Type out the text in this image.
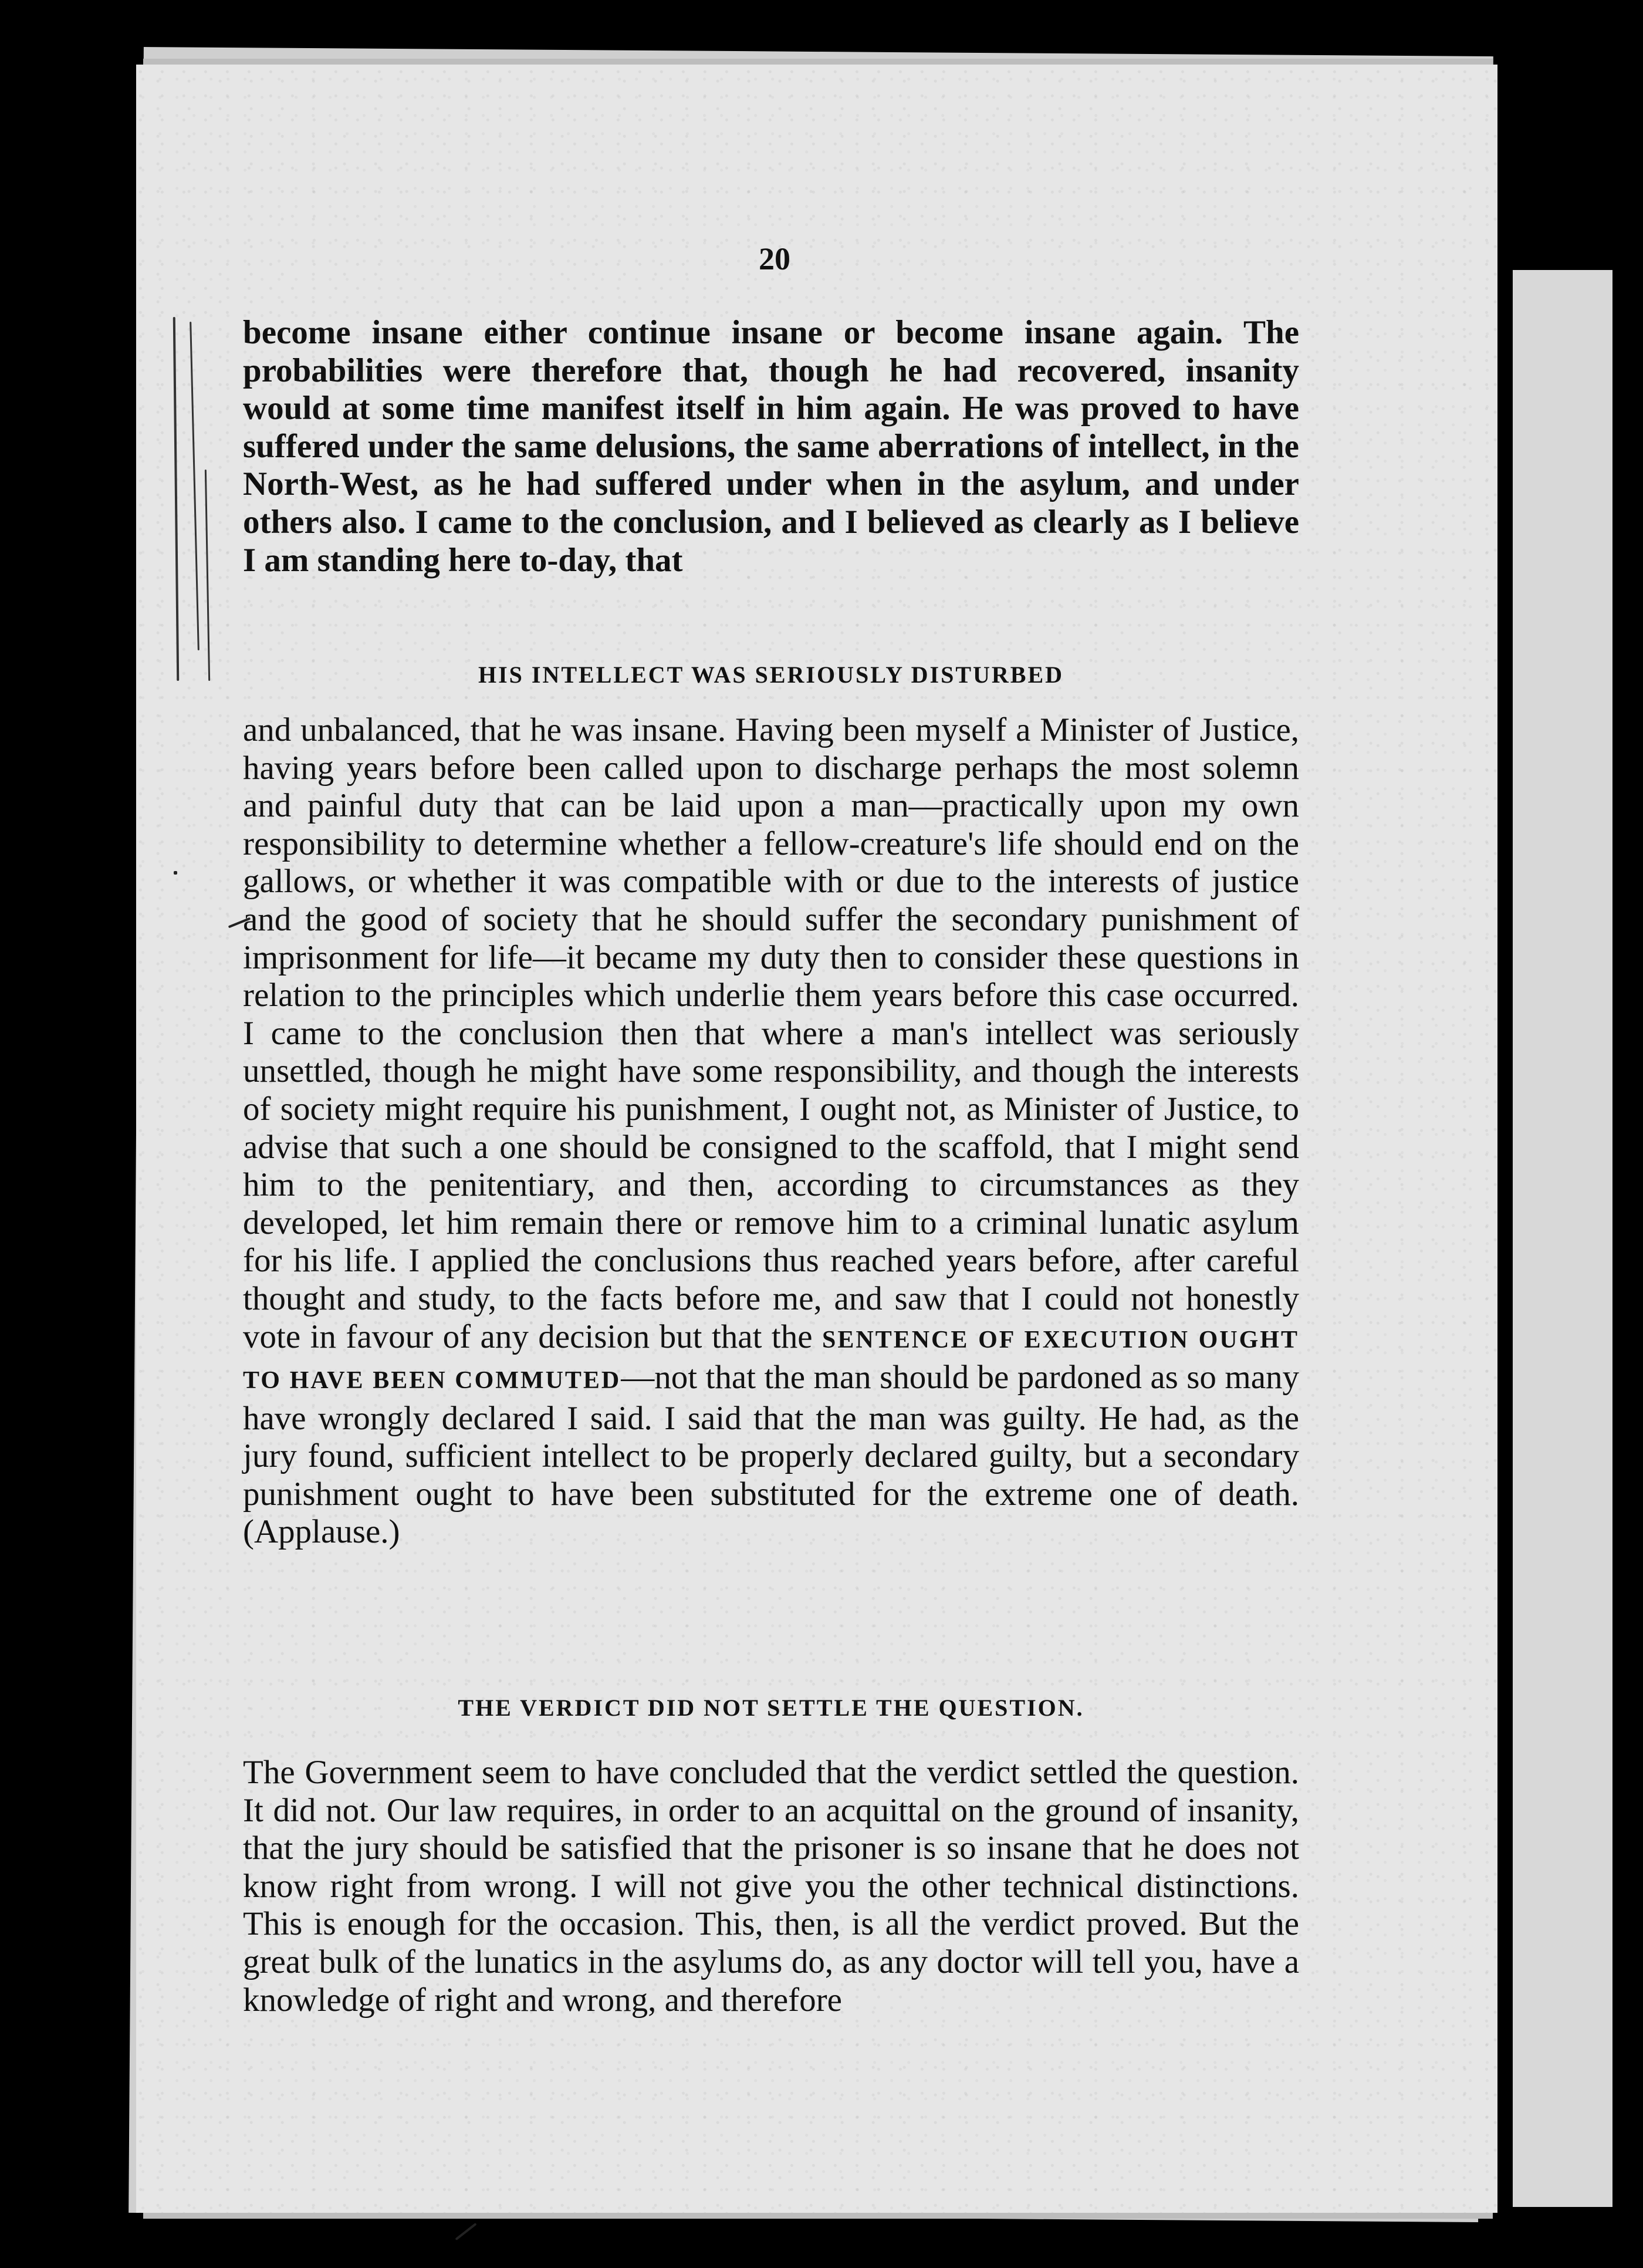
20

become insane either continue insane or become insane again. The probabilities were therefore that, though he had recovered, insanity would at some time manifest itself in him again. He was proved to have suffered under the same delusions, the same aberrations of intellect, in the North-West, as he had suffered under when in the asylum, and under others also. I came to the conclusion, and I believed as clearly as I believe I am standing here to-day, that

HIS INTELLECT WAS SERIOUSLY DISTURBED

and unbalanced, that he was insane. Having been myself a Minister of Justice, having years before been called upon to discharge perhaps the most solemn and painful duty that can be laid upon a man—practically upon my own responsibility to determine whether a fellow-creature's life should end on the gallows, or whether it was compatible with or due to the interests of justice and the good of society that he should suffer the secondary punishment of imprisonment for life—it became my duty then to consider these questions in relation to the principles which underlie them years before this case occurred. I came to the conclusion then that where a man's intellect was seriously unsettled, though he might have some responsibility, and though the interests of society might require his punishment, I ought not, as Minister of Justice, to advise that such a one should be consigned to the scaffold, that I might send him to the penitentiary, and then, according to circumstances as they developed, let him remain there or remove him to a criminal lunatic asylum for his life. I applied the conclusions thus reached years before, after careful thought and study, to the facts before me, and saw that I could not honestly vote in favour of any decision but that the SENTENCE OF EXECUTION OUGHT TO HAVE BEEN COMMUTED—not that the man should be pardoned as so many have wrongly declared I said. I said that the man was guilty. He had, as the jury found, sufficient intellect to be properly declared guilty, but a secondary punishment ought to have been substituted for the extreme one of death. (Applause.)

THE VERDICT DID NOT SETTLE THE QUESTION.

The Government seem to have concluded that the verdict settled the question. It did not. Our law requires, in order to an acquittal on the ground of insanity, that the jury should be satisfied that the prisoner is so insane that he does not know right from wrong. I will not give you the other technical distinctions. This is enough for the occasion. This, then, is all the verdict proved. But the great bulk of the lunatics in the asylums do, as any doctor will tell you, have a knowledge of right and wrong, and therefore
